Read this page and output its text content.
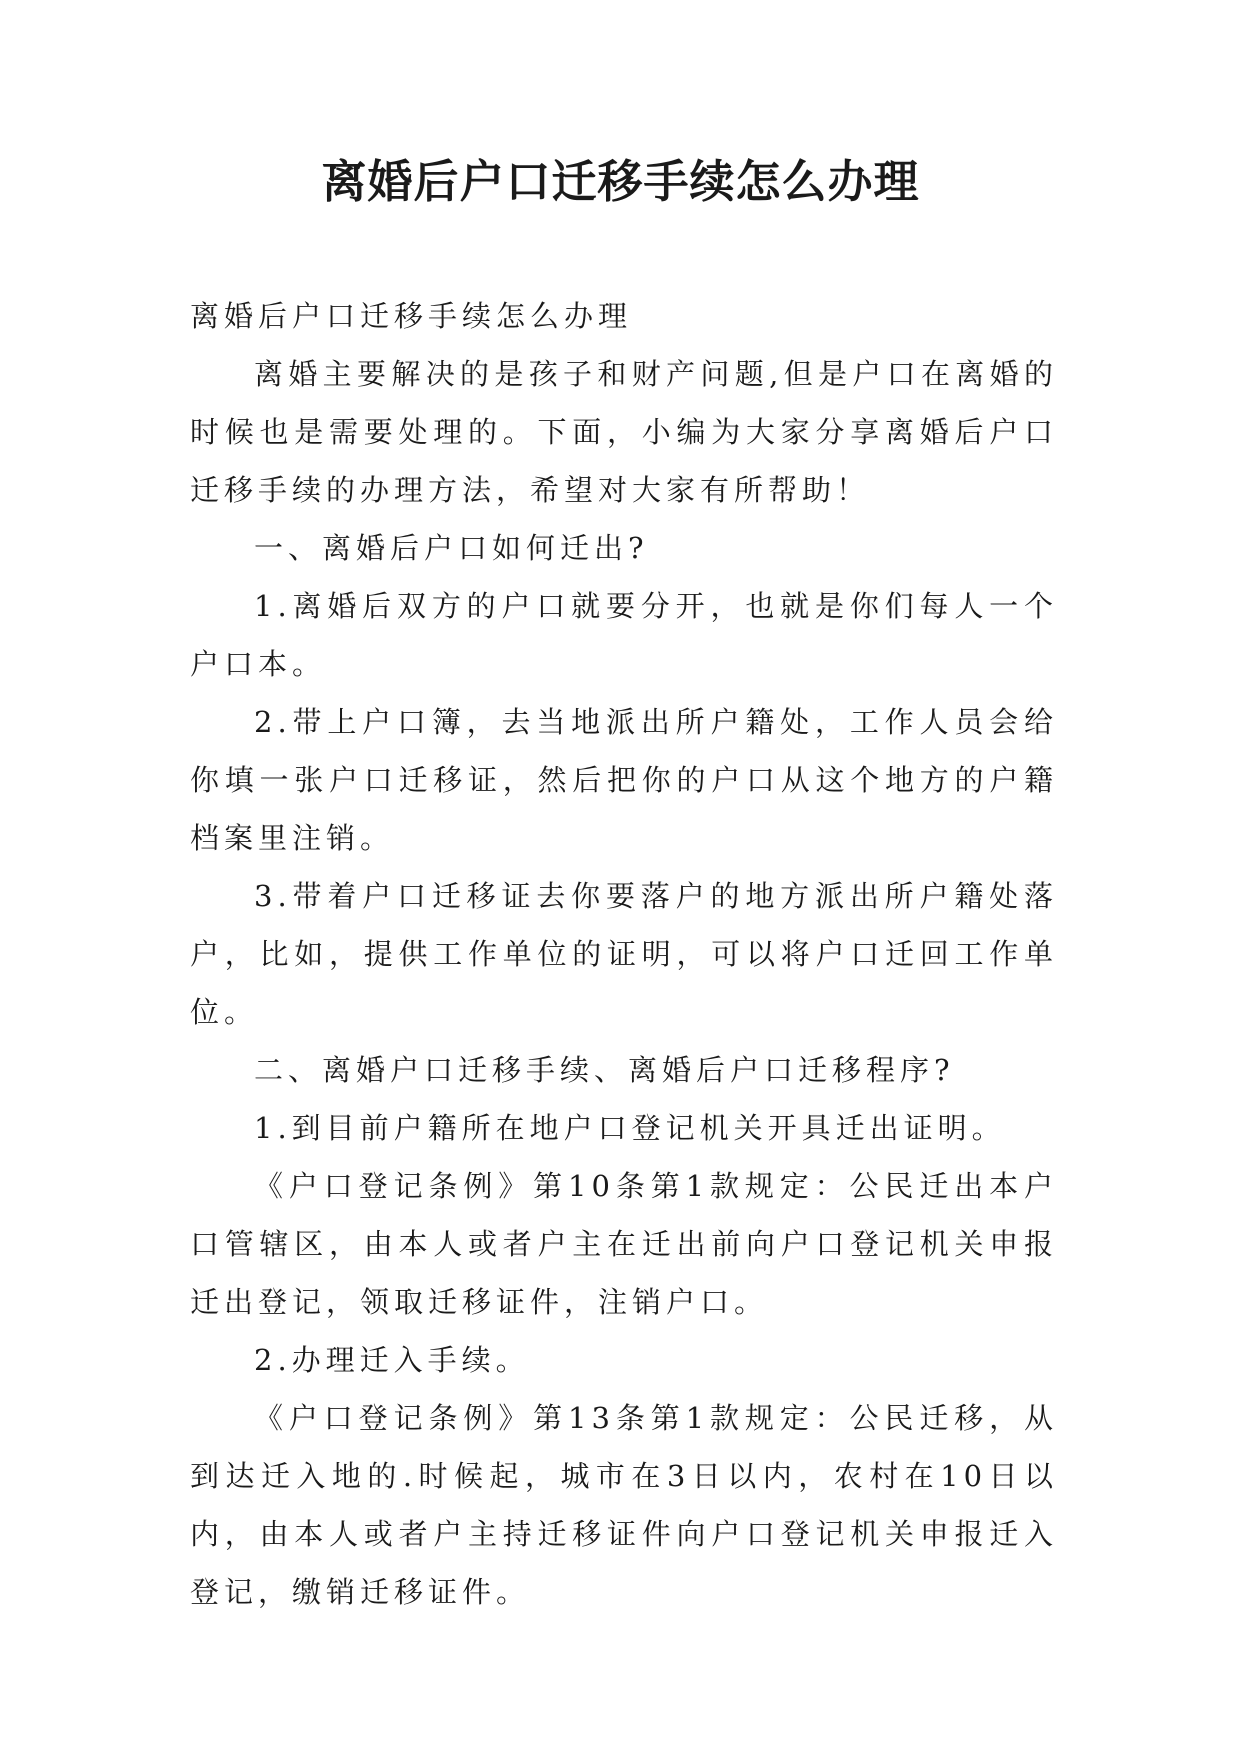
离婚后户口迁移手续怎么办理

离婚后户口迁移手续怎么办理

离婚主要解决的是孩子和财产问题,但是户口在离婚的时候也是需要处理的。下面，小编为大家分享离婚后户口迁移手续的办理方法，希望对大家有所帮助！

一、离婚后户口如何迁出?

1.离婚后双方的户口就要分开，也就是你们每人一个户口本。

2.带上户口簿，去当地派出所户籍处，工作人员会给你填一张户口迁移证，然后把你的户口从这个地方的户籍档案里注销。

3.带着户口迁移证去你要落户的地方派出所户籍处落户，比如，提供工作单位的证明，可以将户口迁回工作单位。

二、离婚户口迁移手续、离婚后户口迁移程序?

1.到目前户籍所在地户口登记机关开具迁出证明。

《户口登记条例》第10条第1款规定：公民迁出本户口管辖区，由本人或者户主在迁出前向户口登记机关申报迁出登记，领取迁移证件，注销户口。

2.办理迁入手续。

《户口登记条例》第13条第1款规定：公民迁移，从到达迁入地的.时候起，城市在3日以内，农村在10日以内，由本人或者户主持迁移证件向户口登记机关申报迁入登记，缴销迁移证件。
